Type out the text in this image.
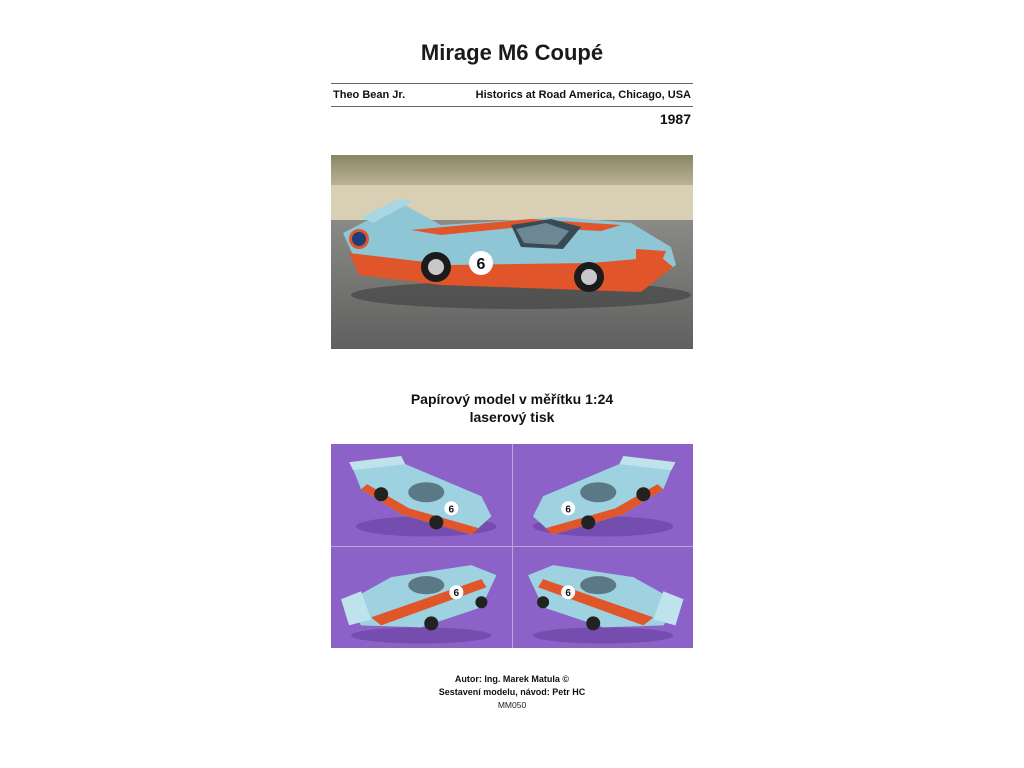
Mirage M6 Coupé
Theo Bean Jr.	Historics at Road America, Chicago, USA
1987
6
Papírový model v měřítku 1:24
laserový tisk
6	6
6	6
Autor: Ing. Marek Matula ©
Sestavení modelu, návod: Petr HC
MM050
